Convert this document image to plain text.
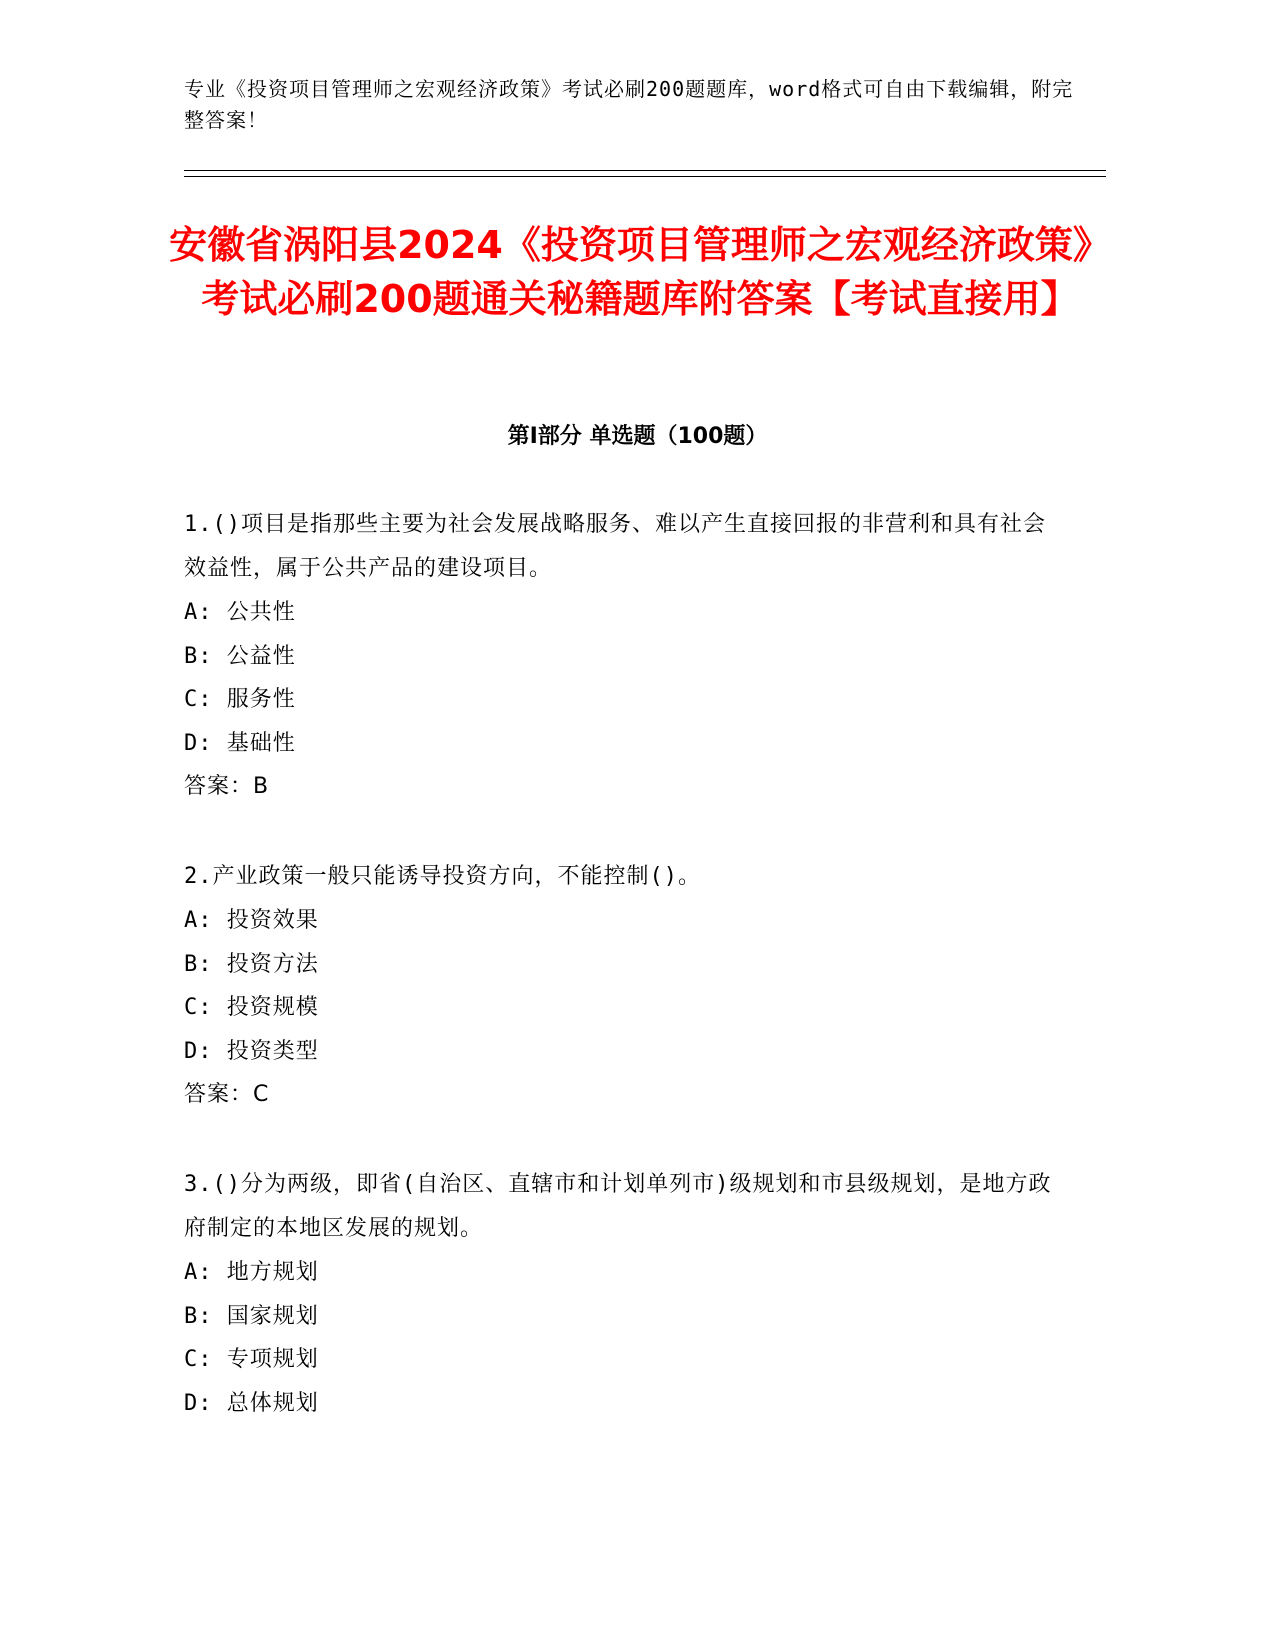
专业《投资项目管理师之宏观经济政策》考试必刷200题题库，word格式可自由下载编辑，附完整答案！

安徽省涡阳县2024《投资项目管理师之宏观经济政策》考试必刷200题通关秘籍题库附答案【考试直接用】
第Ⅰ部分 单选题（100题）

1.()项目是指那些主要为社会发展战略服务、难以产生直接回报的非营利和具有社会效益性，属于公共产品的建设项目。

A: 公共性

B: 公益性

C: 服务性

D: 基础性

答案：B

2.产业政策一般只能诱导投资方向，不能控制()。

A: 投资效果

B: 投资方法

C: 投资规模

D: 投资类型

答案：C

3.()分为两级，即省(自治区、直辖市和计划单列市)级规划和市县级规划，是地方政府制定的本地区发展的规划。

A: 地方规划

B: 国家规划

C: 专项规划

D: 总体规划
